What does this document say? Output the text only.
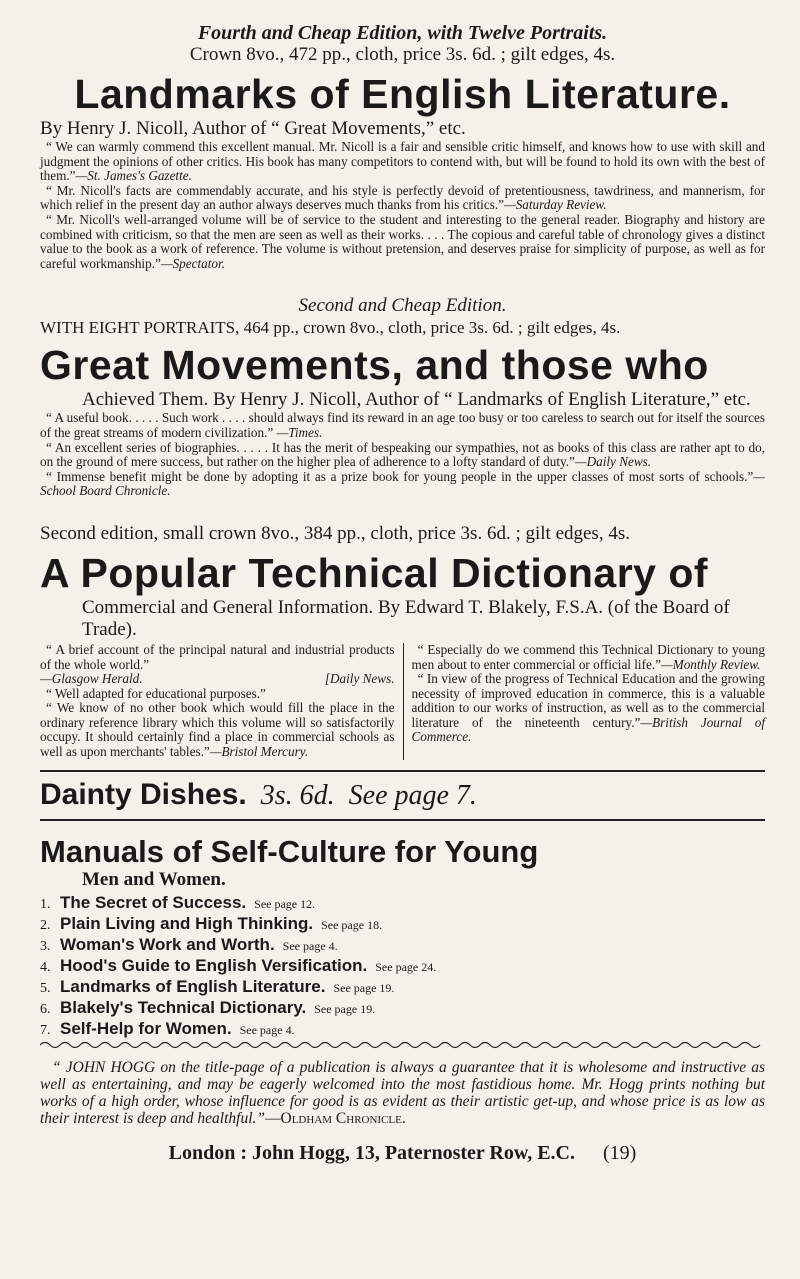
Fourth and Cheap Edition, with Twelve Portraits.

Crown 8vo., 472 pp., cloth, price 3s. 6d. ; gilt edges, 4s.

Landmarks of English Literature.

By Henry J. Nicoll, Author of “ Great Movements,” etc.

“ We can warmly commend this excellent manual. Mr. Nicoll is a fair and sensible critic himself, and knows how to use with skill and judgment the opinions of other critics. His book has many competitors to contend with, but will be found to hold its own with the best of them.”—St. James's Gazette.

“ Mr. Nicoll's facts are commendably accurate, and his style is perfectly devoid of pretentiousness, tawdriness, and mannerism, for which relief in the present day an author always deserves much thanks from his critics.”—Saturday Review.

“ Mr. Nicoll's well-arranged volume will be of service to the student and interesting to the general reader. Biography and history are combined with criticism, so that the men are seen as well as their works. . . . The copious and careful table of chronology gives a distinct value to the book as a work of reference. The volume is without pretension, and deserves praise for simplicity of purpose, as well as for careful workmanship.”—Spectator.

Second and Cheap Edition.

WITH EIGHT PORTRAITS, 464 pp., crown 8vo., cloth, price 3s. 6d. ; gilt edges, 4s.

Great Movements, and those who

Achieved Them. By Henry J. Nicoll, Author of “ Landmarks of English Literature,” etc.

“ A useful book. . . . . Such work . . . . should always find its reward in an age too busy or too careless to search out for itself the sources of the great streams of modern civilization.” —Times.

“ An excellent series of biographies. . . . . It has the merit of bespeaking our sympathies, not as books of this class are rather apt to do, on the ground of mere success, but rather on the higher plea of adherence to a lofty standard of duty.”—Daily News.

“ Immense benefit might be done by adopting it as a prize book for young people in the upper classes of most sorts of schools.”—School Board Chronicle.

Second edition, small crown 8vo., 384 pp., cloth, price 3s. 6d. ; gilt edges, 4s.

A Popular Technical Dictionary of

Commercial and General Information. By Edward T. Blakely, F.S.A. (of the Board of Trade).

“ A brief account of the principal natural and industrial products of the whole world.”
—Glasgow Herald.	[Daily News.

“ Well adapted for educational purposes.”

“ We know of no other book which would fill the place in the ordinary reference library which this volume will so satisfactorily occupy. It should certainly find a place in commercial schools as well as upon merchants' tables.”—Bristol Mercury.

“ Especially do we commend this Technical Dictionary to young men about to enter commercial or official life.”—Monthly Review.

“ In view of the progress of Technical Education and the growing necessity of improved education in commerce, this is a valuable addition to our works of instruction, as well as to the commercial literature of the nineteenth century.”—British Journal of Commerce.

Dainty Dishes. 3s. 6d. See page 7.

Manuals of Self-Culture for Young

Men and Women.

1. The Secret of Success. See page 12.
2. Plain Living and High Thinking. See page 18.
3. Woman's Work and Worth. See page 4.
4. Hood's Guide to English Versification. See page 24.
5. Landmarks of English Literature. See page 19.
6. Blakely's Technical Dictionary. See page 19.
7. Self-Help for Women. See page 4.

“ JOHN HOGG on the title-page of a publication is always a guarantee that it is wholesome and instructive as well as entertaining, and may be eagerly welcomed into the most fastidious home. Mr. Hogg prints nothing but works of a high order, whose influence for good is as evident as their artistic get-up, and whose price is as low as their interest is deep and healthful.”—Oldham Chronicle.

London : John Hogg, 13, Paternoster Row, E.C. (19)
